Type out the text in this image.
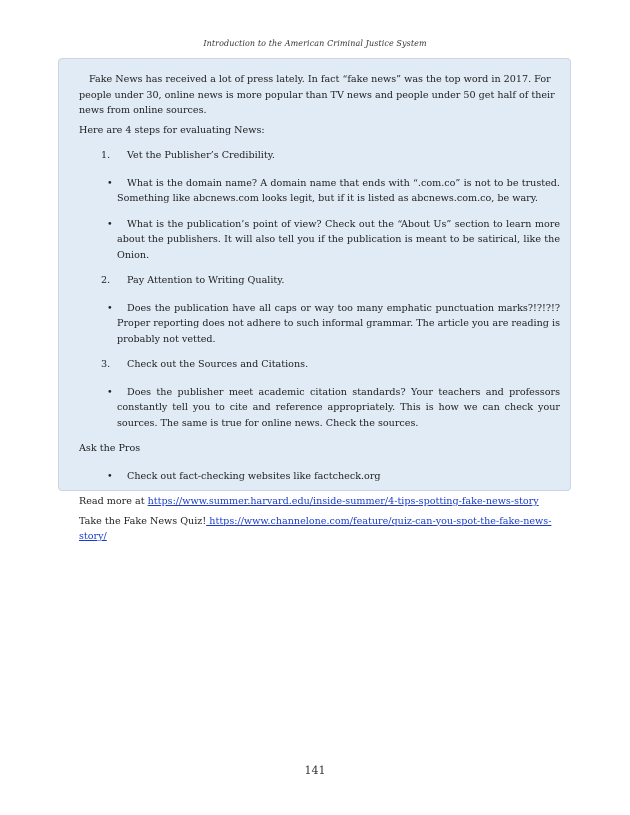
Introduction to the American Criminal Justice System

Fake News has received a lot of press lately. In fact “fake news” was the top word in 2017. For people under 30, online news is more popular than TV news and people under 50 get half of their news from online sources.

Here are 4 steps for evaluating News:

1. Vet the Publisher’s Credibility.
•	What is the domain name? A domain name that ends with “.com.co” is not to be trusted. Something like abcnews.com looks legit, but if it is listed as abcnews.com.co, be wary.
•	What is the publication’s point of view? Check out the “About Us” section to learn more about the publishers. It will also tell you if the publication is meant to be satirical, like the Onion.
2. Pay Attention to Writing Quality.
•	Does the publication have all caps or way too many emphatic punctuation marks?!?!?!? Proper reporting does not adhere to such informal grammar. The article you are reading is probably not vetted.
3. Check out the Sources and Citations.
•	Does the publisher meet academic citation standards? Your teachers and professors constantly tell you to cite and reference appropriately. This is how we can check your sources. The same is true for online news. Check the sources.

Ask the Pros

•	Check out fact-checking websites like factcheck.org

Read more at https://www.summer.harvard.edu/inside-summer/4-tips-spotting-fake-news-story

Take the Fake News Quiz! https://www.channelone.com/feature/quiz-can-you-spot-the-fake-news-story/

141
